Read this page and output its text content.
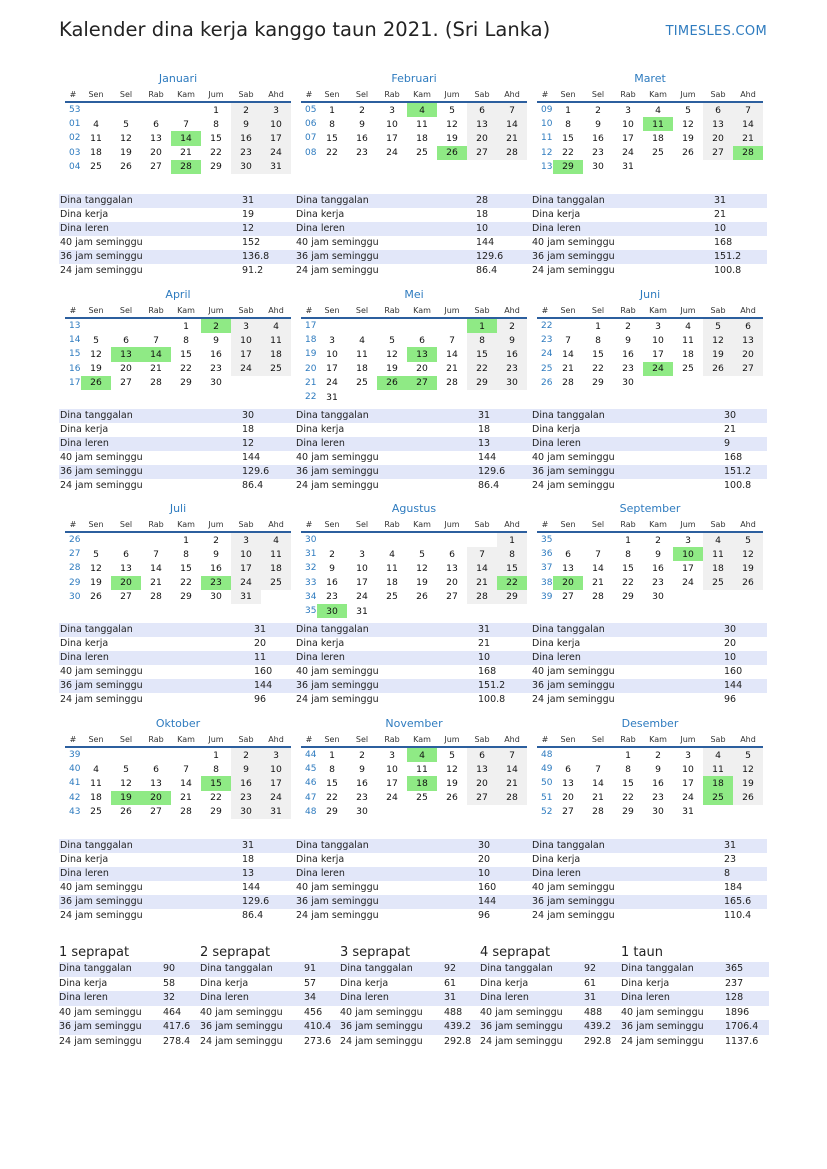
Kalender dina kerja kanggo taun 2021. (Sri Lanka)	TIMESLES.COM
Januari
#	Sen	Sel	Rab	Kam	Jum	Sab	Ahd
53					1	2	3
01	4	5	6	7	8	9	10
02	11	12	13	14	15	16	17
03	18	19	20	21	22	23	24
04	25	26	27	28	29	30	31
Dina tanggalan	31
Dina kerja	19
Dina leren	12
40 jam seminggu	152
36 jam seminggu	136.8
24 jam seminggu	91.2
Februari
#	Sen	Sel	Rab	Kam	Jum	Sab	Ahd
05	1	2	3	4	5	6	7
06	8	9	10	11	12	13	14
07	15	16	17	18	19	20	21
08	22	23	24	25	26	27	28
Dina tanggalan	28
Dina kerja	18
Dina leren	10
40 jam seminggu	144
36 jam seminggu	129.6
24 jam seminggu	86.4
Maret
#	Sen	Sel	Rab	Kam	Jum	Sab	Ahd
09	1	2	3	4	5	6	7
10	8	9	10	11	12	13	14
11	15	16	17	18	19	20	21
12	22	23	24	25	26	27	28
13	29	30	31				
Dina tanggalan	31
Dina kerja	21
Dina leren	10
40 jam seminggu	168
36 jam seminggu	151.2
24 jam seminggu	100.8
April
#	Sen	Sel	Rab	Kam	Jum	Sab	Ahd
13				1	2	3	4
14	5	6	7	8	9	10	11
15	12	13	14	15	16	17	18
16	19	20	21	22	23	24	25
17	26	27	28	29	30		
Dina tanggalan	30
Dina kerja	18
Dina leren	12
40 jam seminggu	144
36 jam seminggu	129.6
24 jam seminggu	86.4
Mei
#	Sen	Sel	Rab	Kam	Jum	Sab	Ahd
17						1	2
18	3	4	5	6	7	8	9
19	10	11	12	13	14	15	16
20	17	18	19	20	21	22	23
21	24	25	26	27	28	29	30
22	31						
Dina tanggalan	31
Dina kerja	18
Dina leren	13
40 jam seminggu	144
36 jam seminggu	129.6
24 jam seminggu	86.4
Juni
#	Sen	Sel	Rab	Kam	Jum	Sab	Ahd
22		1	2	3	4	5	6
23	7	8	9	10	11	12	13
24	14	15	16	17	18	19	20
25	21	22	23	24	25	26	27
26	28	29	30				
Dina tanggalan	30
Dina kerja	21
Dina leren	9
40 jam seminggu	168
36 jam seminggu	151.2
24 jam seminggu	100.8
Juli
#	Sen	Sel	Rab	Kam	Jum	Sab	Ahd
26				1	2	3	4
27	5	6	7	8	9	10	11
28	12	13	14	15	16	17	18
29	19	20	21	22	23	24	25
30	26	27	28	29	30	31	
Dina tanggalan	31
Dina kerja	20
Dina leren	11
40 jam seminggu	160
36 jam seminggu	144
24 jam seminggu	96
Agustus
#	Sen	Sel	Rab	Kam	Jum	Sab	Ahd
30							1
31	2	3	4	5	6	7	8
32	9	10	11	12	13	14	15
33	16	17	18	19	20	21	22
34	23	24	25	26	27	28	29
35	30	31					
Dina tanggalan	31
Dina kerja	21
Dina leren	10
40 jam seminggu	168
36 jam seminggu	151.2
24 jam seminggu	100.8
September
#	Sen	Sel	Rab	Kam	Jum	Sab	Ahd
35			1	2	3	4	5
36	6	7	8	9	10	11	12
37	13	14	15	16	17	18	19
38	20	21	22	23	24	25	26
39	27	28	29	30			
Dina tanggalan	30
Dina kerja	20
Dina leren	10
40 jam seminggu	160
36 jam seminggu	144
24 jam seminggu	96
Oktober
#	Sen	Sel	Rab	Kam	Jum	Sab	Ahd
39					1	2	3
40	4	5	6	7	8	9	10
41	11	12	13	14	15	16	17
42	18	19	20	21	22	23	24
43	25	26	27	28	29	30	31
Dina tanggalan	31
Dina kerja	18
Dina leren	13
40 jam seminggu	144
36 jam seminggu	129.6
24 jam seminggu	86.4
November
#	Sen	Sel	Rab	Kam	Jum	Sab	Ahd
44	1	2	3	4	5	6	7
45	8	9	10	11	12	13	14
46	15	16	17	18	19	20	21
47	22	23	24	25	26	27	28
48	29	30					
Dina tanggalan	30
Dina kerja	20
Dina leren	10
40 jam seminggu	160
36 jam seminggu	144
24 jam seminggu	96
Desember
#	Sen	Sel	Rab	Kam	Jum	Sab	Ahd
48			1	2	3	4	5
49	6	7	8	9	10	11	12
50	13	14	15	16	17	18	19
51	20	21	22	23	24	25	26
52	27	28	29	30	31		
Dina tanggalan	31
Dina kerja	23
Dina leren	8
40 jam seminggu	184
36 jam seminggu	165.6
24 jam seminggu	110.4
1 seprapat
Dina tanggalan	90
Dina kerja	58
Dina leren	32
40 jam seminggu	464
36 jam seminggu	417.6
24 jam seminggu	278.4
2 seprapat
Dina tanggalan	91
Dina kerja	57
Dina leren	34
40 jam seminggu	456
36 jam seminggu	410.4
24 jam seminggu	273.6
3 seprapat
Dina tanggalan	92
Dina kerja	61
Dina leren	31
40 jam seminggu	488
36 jam seminggu	439.2
24 jam seminggu	292.8
4 seprapat
Dina tanggalan	92
Dina kerja	61
Dina leren	31
40 jam seminggu	488
36 jam seminggu	439.2
24 jam seminggu	292.8
1 taun
Dina tanggalan	365
Dina kerja	237
Dina leren	128
40 jam seminggu	1896
36 jam seminggu	1706.4
24 jam seminggu	1137.6
